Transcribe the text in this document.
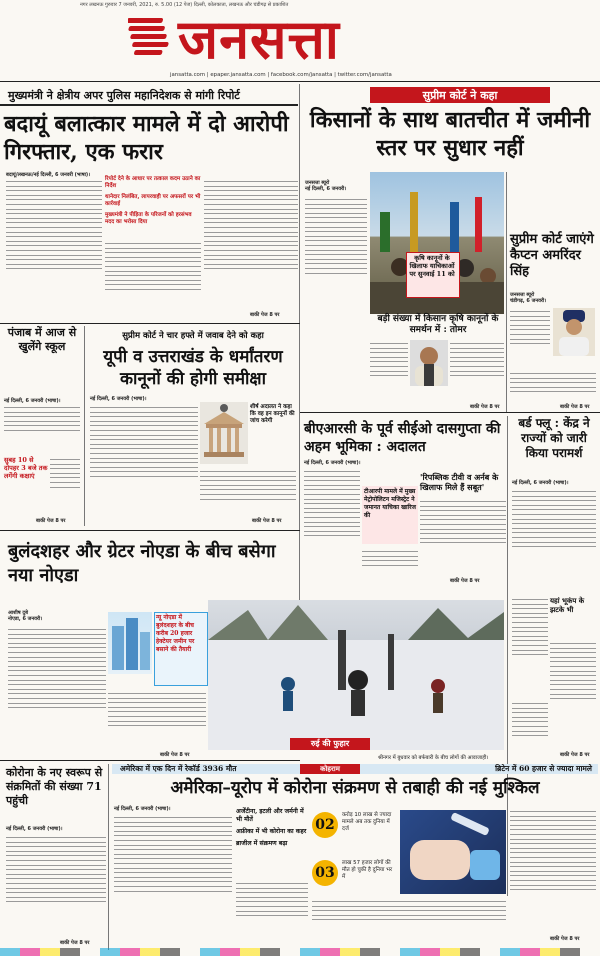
नगर लखनऊ गुरुवार 7 जनवरी, 2021, रु. 5.00 (12 पेज) दिल्ली, कोलकाता, लखनऊ और चंडीगढ़ से प्रकाशित
जनसत्ता
jansatta.com | epaper.jansatta.com | facebook.com/jansatta | twitter.com/jansatta
मुख्यमंत्री ने क्षेत्रीय अपर पुलिस महानिदेशक से मांगी रिपोर्ट
बदायूं बलात्कार मामले में दो आरोपी गिरफ्तार, एक फरार
बदायूं/लखनऊ/नई दिल्ली, 6 जनवरी (भाषा)।
रिपोर्ट देने के आधार पर तत्काल कदम उठाने का निर्देश
थानेदार निलंबित, लापरवाही पर अफसरों पर भी कार्रवाई
मुख्यमंत्री ने पीड़िता के परिजनों को हरसंभव मदद का भरोसा दिया
बाकी पेज 8 पर
सुप्रीम कोर्ट ने कहा
किसानों के साथ बातचीत में जमीनी स्तर पर सुधार नहीं
जनसत्ता ब्यूरो
नई दिल्ली, 6 जनवरी।
कृषि कानूनों के खिलाफ याचिकाओं पर सुनवाई 11 को
बड़ी संख्या में किसान कृषि कानूनों के समर्थन में : तोमर
बाकी पेज 8 पर
सुप्रीम कोर्ट जाएंगे कैप्टन अमरिंदर सिंह
जनसत्ता ब्यूरो
चंडीगढ़, 6 जनवरी।
बाकी पेज 8 पर
पंजाब में आज से खुलेंगे स्कूल
नई दिल्ली, 6 जनवरी (भाषा)।
सुबह 10 से दोपहर 3 बजे तक लगेंगी कक्षाएं
बाकी पेज 8 पर
सुप्रीम कोर्ट ने चार हफ्ते में जवाब देने को कहा
यूपी व उत्तराखंड के धर्मांतरण कानूनों की होगी समीक्षा
नई दिल्ली, 6 जनवरी (भाषा)।
शीर्ष अदालत ने कहा कि वह इन कानूनों की जांच करेगी
बाकी पेज 8 पर
बीएआरसी के पूर्व सीईओ दासगुप्ता की अहम भूमिका : अदालत
नई दिल्ली, 6 जनवरी (भाषा)।
टीआरपी मामले में मुख्य मेट्रोपोलिटन मजिस्ट्रेट ने जमानत याचिका खारिज की
'रिपब्लिक टीवी व अर्नब के खिलाफ मिले हैं सबूत'
बाकी पेज 8 पर
बर्ड फ्लू : केंद्र ने राज्यों को जारी किया परामर्श
नई दिल्ली, 6 जनवरी (भाषा)।
यहां भूकंप के झटके भी
बाकी पेज 8 पर
बुलंदशहर और ग्रेटर नोएडा के बीच बसेगा नया नोएडा
आशीष दुबे
नोएडा, 6 जनवरी।	न्यू नोएडा में बुलंदशहर के बीच करीब 20 हजार हेक्टेयर जमीन पर बसाने की तैयारी
बाकी पेज 8 पर
रुई की फुहार
श्रीनगर में बुधवार को बर्फबारी के बीच लोगों की आवाजाही।
कोरोना के नए स्वरूप से संक्रमितों की संख्या 71 पहुंची
नई दिल्ली, 6 जनवरी (भाषा)।
बाकी पेज 8 पर
अमेरिका में एक दिन में रेकॉर्ड 3936 मौत	कोहराम	ब्रिटेन में 60 हजार से ज्यादा मामले
अमेरिका–यूरोप में कोरोना संक्रमण से तबाही की नई मुश्किल
नई दिल्ली, 6 जनवरी (भाषा)।	अर्जेंटीना, इटली और जर्मनी में भी मौतें
अफ्रीका में भी कोरोना का कहर
ब्राजील में संक्रमण बढ़ा
02
करोड़ 10 लाख से ज्यादा मामले अब तक दुनिया में दर्ज
03
लाख 57 हजार लोगों की मौत हो चुकी है दुनिया भर में
बाकी पेज 8 पर
